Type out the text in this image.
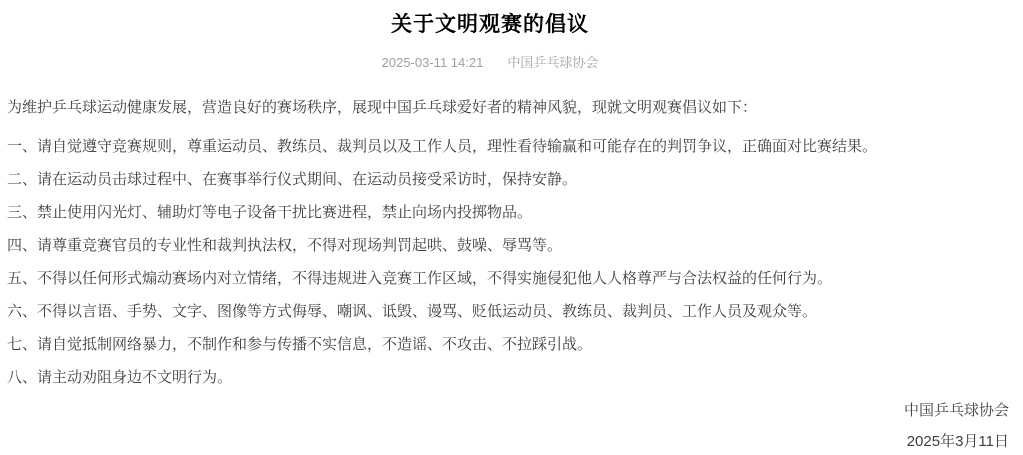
关于文明观赛的倡议
2025-03-11 14:21 中国乒乓球协会

为维护乒乓球运动健康发展，营造良好的赛场秩序，展现中国乒乓球爱好者的精神风貌，现就文明观赛倡议如下：

一、请自觉遵守竞赛规则，尊重运动员、教练员、裁判员以及工作人员，理性看待输赢和可能存在的判罚争议，正确面对比赛结果。

二、请在运动员击球过程中、在赛事举行仪式期间、在运动员接受采访时，保持安静。

三、禁止使用闪光灯、辅助灯等电子设备干扰比赛进程，禁止向场内投掷物品。

四、请尊重竞赛官员的专业性和裁判执法权，不得对现场判罚起哄、鼓噪、辱骂等。

五、不得以任何形式煽动赛场内对立情绪，不得违规进入竞赛工作区域，不得实施侵犯他人人格尊严与合法权益的任何行为。

六、不得以言语、手势、文字、图像等方式侮辱、嘲讽、诋毁、谩骂、贬低运动员、教练员、裁判员、工作人员及观众等。

七、请自觉抵制网络暴力，不制作和参与传播不实信息，不造谣、不攻击、不拉踩引战。

八、请主动劝阻身边不文明行为。

中国乒乓球协会

2025年3月11日
